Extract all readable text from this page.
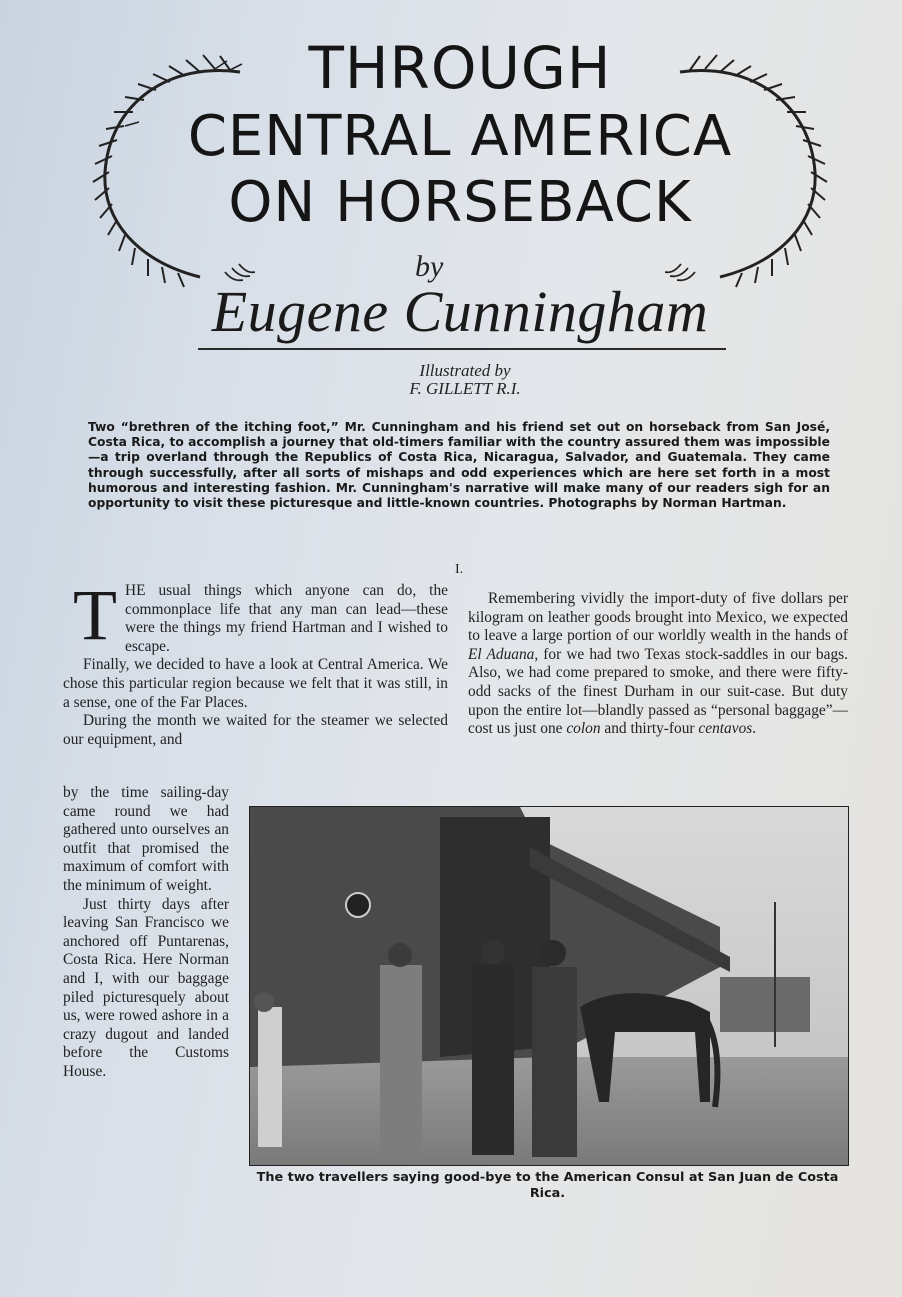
THROUGH
CENTRAL AMERICA
ON HORSEBACK
by
Eugene Cunningham
Illustrated by
F. GILLETT R.I.
Two “brethren of the itching foot,” Mr. Cunningham and his friend set out on horseback from San José, Costa Rica, to accomplish a journey that old-timers familiar with the country assured them was impossible—a trip overland through the Republics of Costa Rica, Nicaragua, Salvador, and Guatemala. They came through successfully, after all sorts of mishaps and odd experiences which are here set forth in a most humorous and interesting fashion. Mr. Cunningham's narrative will make many of our readers sigh for an opportunity to visit these picturesque and little-known countries. Photographs by Norman Hartman.
I.

THE usual things which anyone can do, the commonplace life that any man can lead—these were the things my friend Hartman and I wished to escape.

Finally, we decided to have a look at Central America. We chose this particular region because we felt that it was still, in a sense, one of the Far Places.

During the month we waited for the steamer we selected our equipment, and

by the time sailing-day came round we had gathered unto ourselves an outfit that promised the maximum of comfort with the minimum of weight.

Just thirty days after leaving San Francisco we anchored off Puntarenas, Costa Rica. Here Norman and I, with our baggage piled picturesquely about us, were rowed ashore in a crazy dugout and landed before the Customs House.

Remembering vividly the import-duty of five dollars per kilogram on leather goods brought into Mexico, we expected to leave a large portion of our worldly wealth in the hands of El Aduana, for we had two Texas stock-saddles in our bags. Also, we had come prepared to smoke, and there were fifty-odd sacks of the finest Durham in our suit-case. But duty upon the entire lot—blandly passed as “personal baggage”—cost us just one colon and thirty-four centavos.

The two travellers saying good-bye to the American Consul at San Juan de Costa Rica.
